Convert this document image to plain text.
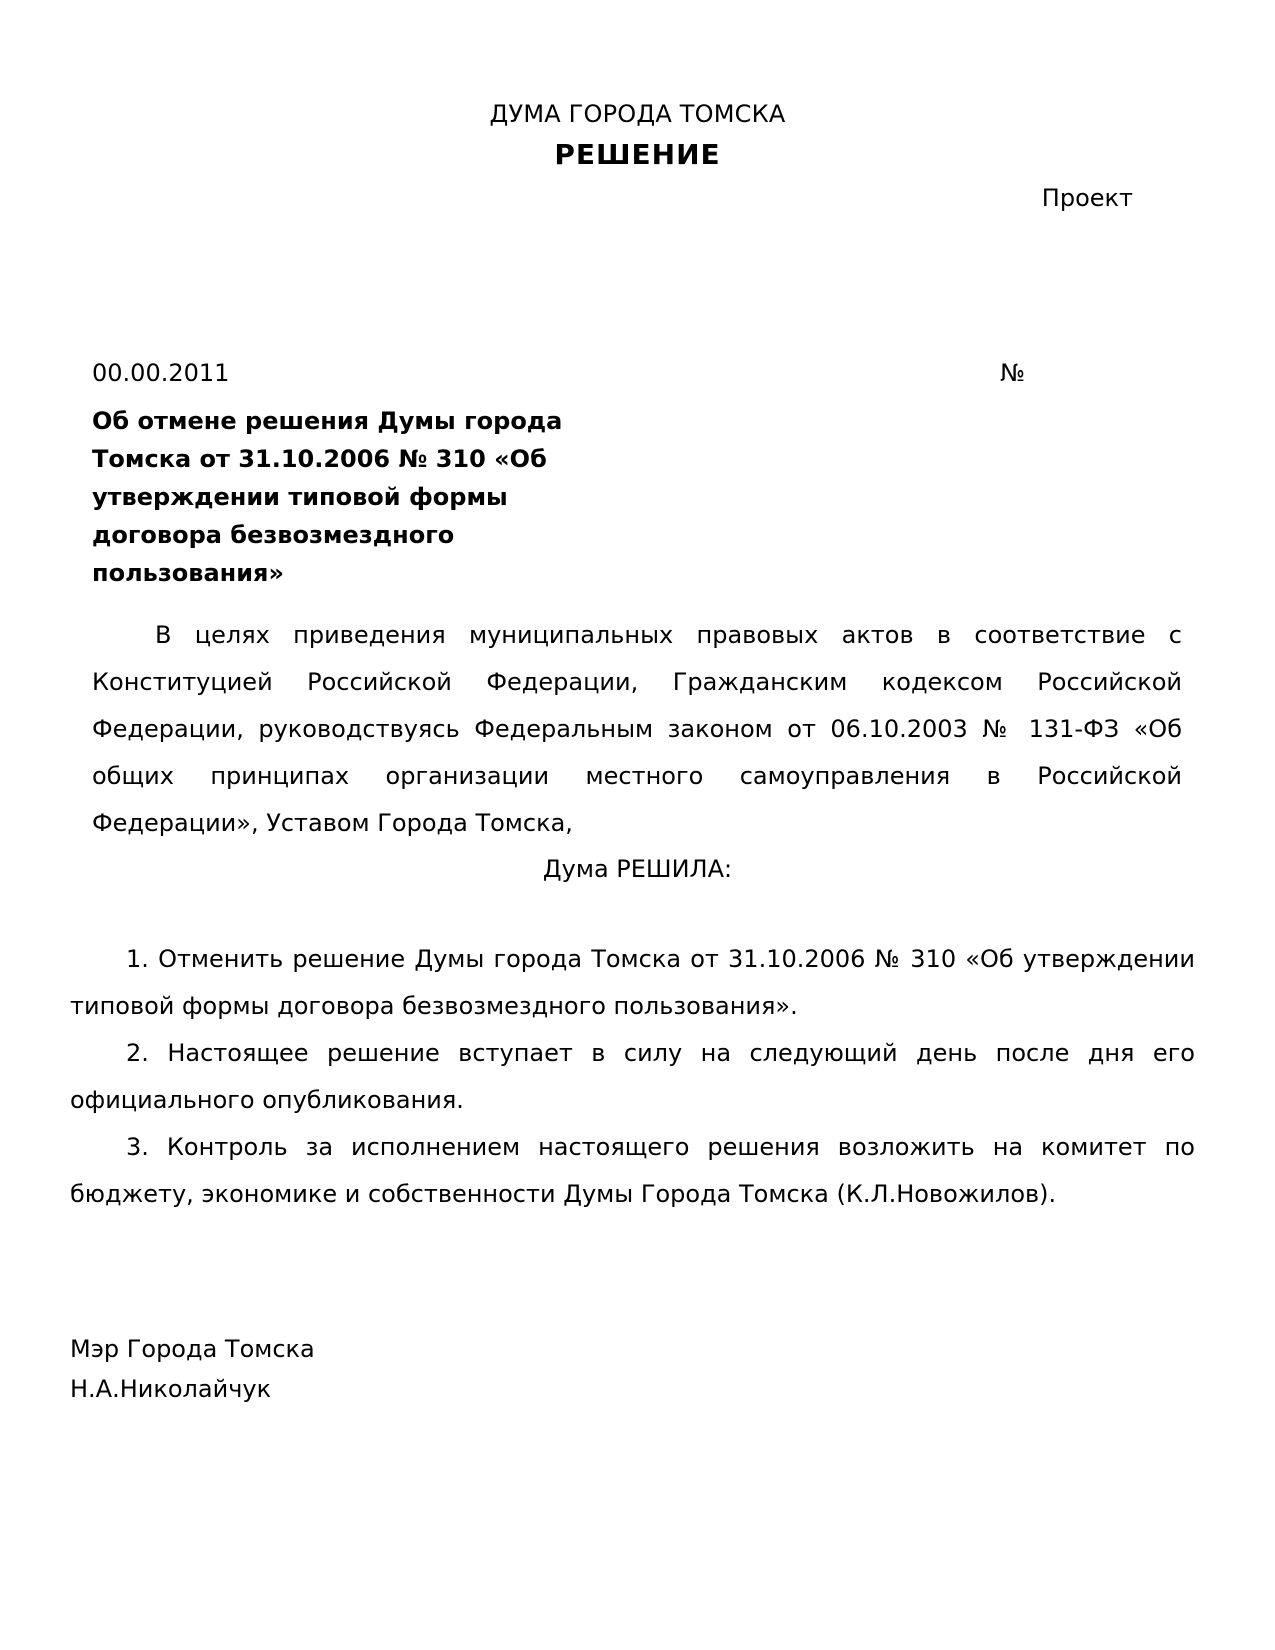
ДУМА ГОРОДА ТОМСКА

РЕШЕНИЕ

Проект

00.00.2011	№

Об отмене решения Думы города Томска от 31.10.2006 № 310 «Об утверждении типовой формы договора безвозмездного пользования»

В целях приведения муниципальных правовых актов в соответствие с Конституцией Российской Федерации, Гражданским кодексом Российской Федерации, руководствуясь Федеральным законом от 06.10.2003 № 131-ФЗ «Об общих принципах организации местного самоуправления в Российской Федерации», Уставом Города Томска,

Дума РЕШИЛА:

1. Отменить решение Думы города Томска от 31.10.2006 № 310 «Об утверждении типовой формы договора безвозмездного пользования».

2. Настоящее решение вступает в силу на следующий день после дня его официального опубликования.

3. Контроль за исполнением настоящего решения возложить на комитет по бюджету, экономике и собственности Думы Города Томска (К.Л.Новожилов).

Мэр Города Томска
Н.А.Николайчук
